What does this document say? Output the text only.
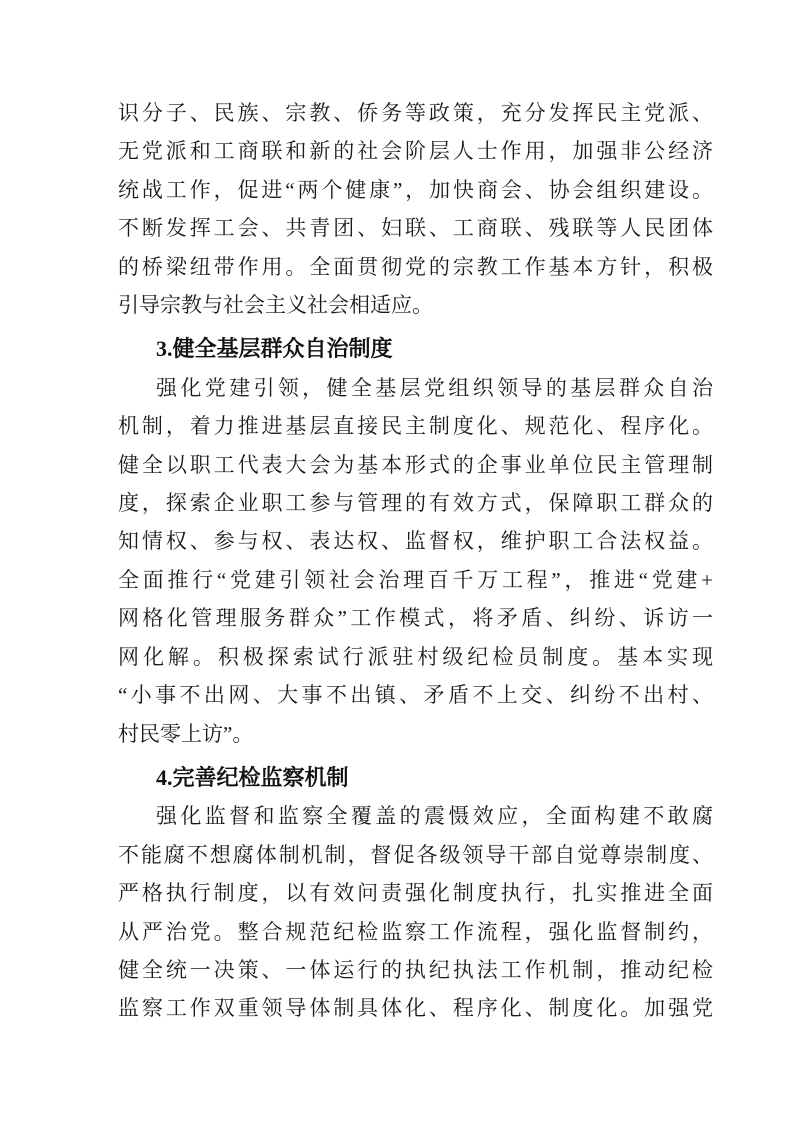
识分子、民族、宗教、侨务等政策，充分发挥民主党派、
无党派和工商联和新的社会阶层人士作用，加强非公经济
统战工作，促进“两个健康”，加快商会、协会组织建设。
不断发挥工会、共青团、妇联、工商联、残联等人民团体
的桥梁纽带作用。全面贯彻党的宗教工作基本方针，积极
引导宗教与社会主义社会相适应。
3.健全基层群众自治制度
强化党建引领，健全基层党组织领导的基层群众自治
机制，着力推进基层直接民主制度化、规范化、程序化。
健全以职工代表大会为基本形式的企事业单位民主管理制
度，探索企业职工参与管理的有效方式，保障职工群众的
知情权、参与权、表达权、监督权，维护职工合法权益。
全面推行“党建引领社会治理百千万工程”，推进“党建+
网格化管理服务群众”工作模式，将矛盾、纠纷、诉访一
网化解。积极探索试行派驻村级纪检员制度。基本实现
“小事不出网、大事不出镇、矛盾不上交、纠纷不出村、
村民零上访”。
4.完善纪检监察机制
强化监督和监察全覆盖的震慑效应，全面构建不敢腐
不能腐不想腐体制机制，督促各级领导干部自觉尊崇制度、
严格执行制度，以有效问责强化制度执行，扎实推进全面
从严治党。整合规范纪检监察工作流程，强化监督制约，
健全统一决策、一体运行的执纪执法工作机制，推动纪检
监察工作双重领导体制具体化、程序化、制度化。加强党
